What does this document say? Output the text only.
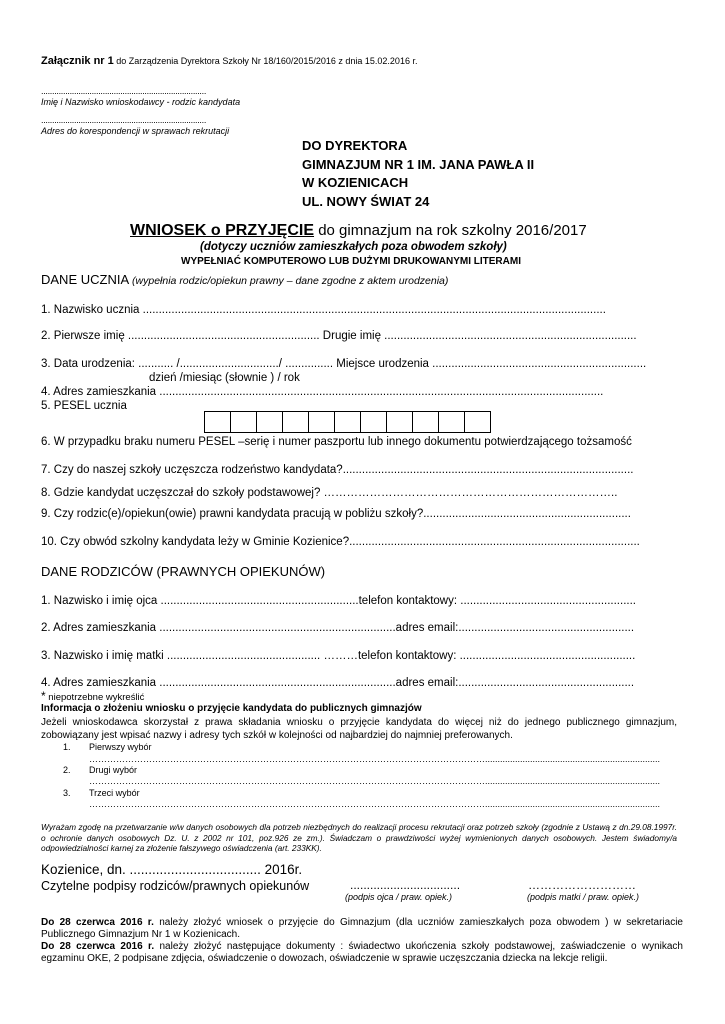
Załącznik nr 1 do Zarządzenia Dyrektora Szkoły Nr 18/160/2015/2016 z dnia 15.02.2016 r.
...........................................................................
Imię i Nazwisko wnioskodawcy - rodzic kandydata
...........................................................................
Adres do korespondencji w sprawach rekrutacji
DO DYREKTORA
GIMNAZJUM NR 1 IM. JANA PAWŁA II
W KOZIENICACH
UL. NOWY ŚWIAT 24
WNIOSEK o PRZYJĘCIE do gimnazjum na rok szkolny 2016/2017
(dotyczy uczniów zamieszkałych poza obwodem szkoły)
WYPEŁNIAĆ KOMPUTEROWO LUB DUŻYMI DRUKOWANYMI LITERAMI
DANE UCZNIA (wypełnia rodzic/opiekun prawny – dane zgodne z aktem urodzenia)
1. Nazwisko ucznia .................................................................................................................................................
2. Pierwsze imię ............................................................ Drugie imię ...............................................................................
3. Data urodzenia: ........... /.............................../ ............... Miejsce urodzenia ...................................................................
dzień /miesiąc (słownie ) / rok
4. Adres zamieszkania ...........................................................................................................................................
5. PESEL ucznia
6. W przypadku braku numeru PESEL –serię i numer paszportu lub innego dokumentu potwierdzającego tożsamość
7. Czy do naszej szkoły uczęszcza rodzeństwo kandydata?...........................................................................................
8. Gdzie kandydat uczęszczał do szkoły podstawowej? …………………………………………………………………..
9. Czy rodzic(e)/opiekun(owie) prawni kandydata pracują w pobliżu szkoły?.................................................................
10. Czy obwód szkolny kandydata leży w Gminie Kozienice?...........................................................................................
DANE RODZICÓW (PRAWNYCH OPIEKUNÓW)
1. Nazwisko i imię ojca ..............................................................telefon kontaktowy: .......................................................
2. Adres zamieszkania ..........................................................................adres email:.......................................................
3. Nazwisko i imię matki ................................................ ………telefon kontaktowy: .......................................................
4. Adres zamieszkania ..........................................................................adres email:.......................................................
* niepotrzebne wykreślić
Informacja o złożeniu wniosku o przyjęcie kandydata do publicznych gimnazjów
Jeżeli wnioskodawca skorzystał z prawa składania wniosku o przyjęcie kandydata do więcej niż do jednego publicznego gimnazjum, zobowiązany jest wpisać nazwy i adresy tych szkół w kolejności od najbardziej do najmniej preferowanych.
1. Pierwszy wybór
……………………………………………………………………………………………………………………......................................................................
2. Drugi wybór
……………………………………………………………………………………………………………………......................................................................
3. Trzeci wybór
……………………………………………………………………………………………………………………......................................................................
Wyrażam zgodę na przetwarzanie w/w danych osobowych dla potrzeb niezbędnych do realizacji procesu rekrutacji oraz potrzeb szkoły (zgodnie z Ustawą z dn.29.08.1997r. o ochronie danych osobowych Dz. U. z 2002 nr 101, poz.926 ze zm.). Świadczam o prawdziwości wyżej wymienionych danych osobowych. Jestem świadomy/a odpowiedzialności karnej za złożenie fałszywego oświadczenia (art. 233KK).
Kozienice, dn. ................................... 2016r.
Czytelne podpisy rodziców/prawnych opiekunów	.................................
(podpis ojca / praw. opiek.)
………………………
(podpis matki / praw. opiek.)
Do 28 czerwca 2016 r. należy złożyć wniosek o przyjęcie do Gimnazjum (dla uczniów zamieszkałych poza obwodem ) w sekretariacie Publicznego Gimnazjum Nr 1 w Kozienicach.
Do 28 czerwca 2016 r. należy złożyć następujące dokumenty : świadectwo ukończenia szkoły podstawowej, zaświadczenie o wynikach egzaminu OKE, 2 podpisane zdjęcia, oświadczenie o dowozach, oświadczenie w sprawie uczęszczania dziecka na lekcje religii.
